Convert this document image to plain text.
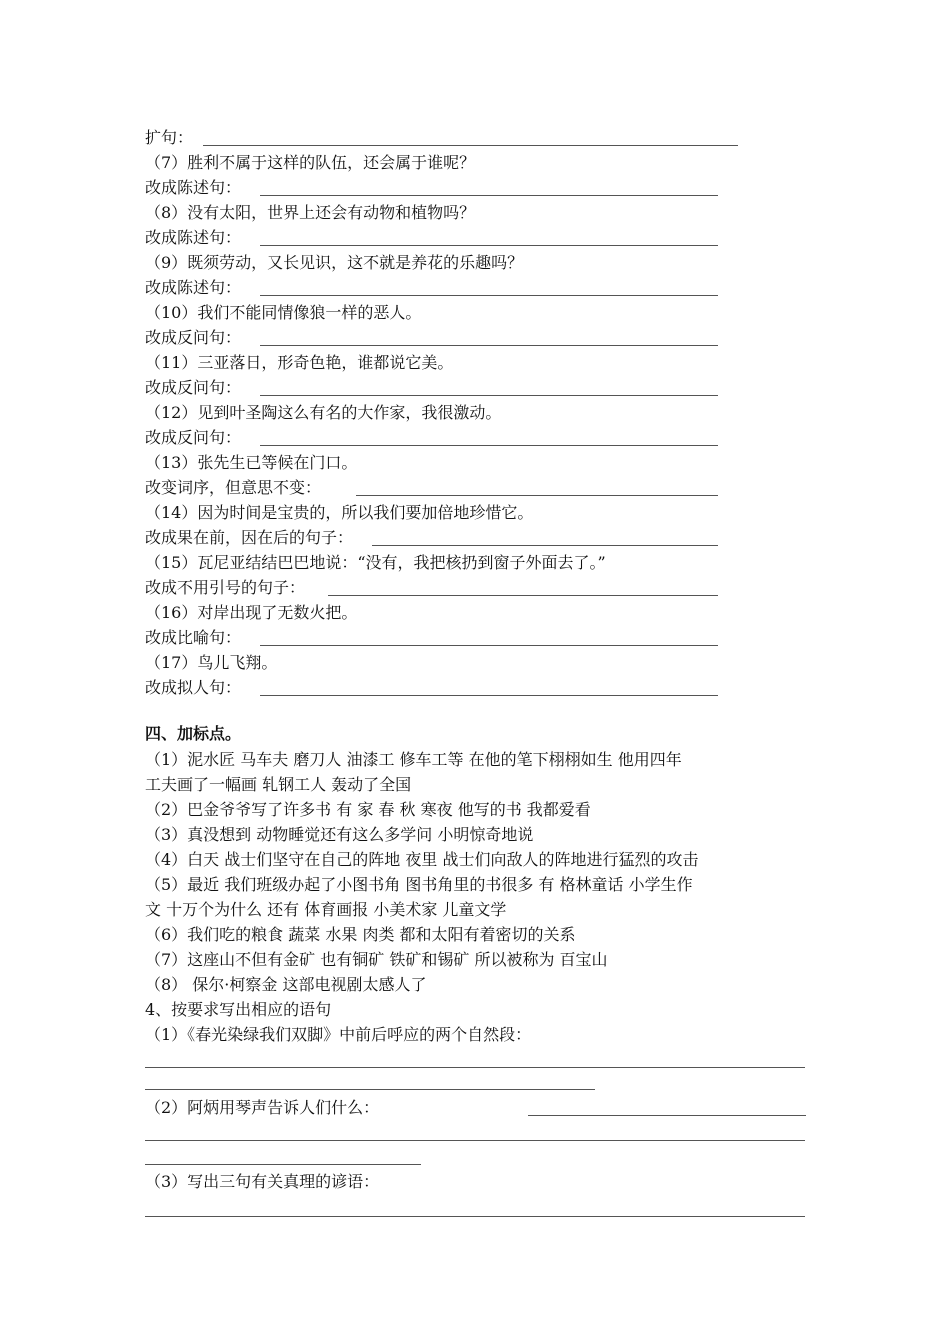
扩句：
（7）胜利不属于这样的队伍，还会属于谁呢？
改成陈述句：
（8）没有太阳，世界上还会有动物和植物吗？
改成陈述句：
（9）既须劳动，又长见识，这不就是养花的乐趣吗？
改成陈述句：
（10）我们不能同情像狼一样的恶人。
改成反问句：
（11）三亚落日，形奇色艳，谁都说它美。
改成反问句：
（12）见到叶圣陶这么有名的大作家，我很激动。
改成反问句：
（13）张先生已等候在门口。
改变词序，但意思不变：
（14）因为时间是宝贵的，所以我们要加倍地珍惜它。
改成果在前，因在后的句子：
（15）瓦尼亚结结巴巴地说：“没有，我把核扔到窗子外面去了。”
改成不用引号的句子：
（16）对岸出现了无数火把。
改成比喻句：
（17）鸟儿飞翔。
改成拟人句：
四、加标点。
（1）泥水匠 马车夫 磨刀人 油漆工 修车工等 在他的笔下栩栩如生 他用四年
工夫画了一幅画 轧钢工人 轰动了全国
（2）巴金爷爷写了许多书 有 家 春 秋 寒夜 他写的书 我都爱看
（3）真没想到 动物睡觉还有这么多学问 小明惊奇地说
（4）白天 战士们坚守在自己的阵地 夜里 战士们向敌人的阵地进行猛烈的攻击
（5）最近 我们班级办起了小图书角 图书角里的书很多 有 格林童话 小学生作
文 十万个为什么 还有 体育画报 小美术家 儿童文学
（6）我们吃的粮食 蔬菜 水果 肉类 都和太阳有着密切的关系
（7）这座山不但有金矿 也有铜矿 铁矿和锡矿 所以被称为 百宝山
（8） 保尔·柯察金 这部电视剧太感人了
4、按要求写出相应的语句
（1）《春光染绿我们双脚》中前后呼应的两个自然段：
（2）阿炳用琴声告诉人们什么：
（3）写出三句有关真理的谚语：
